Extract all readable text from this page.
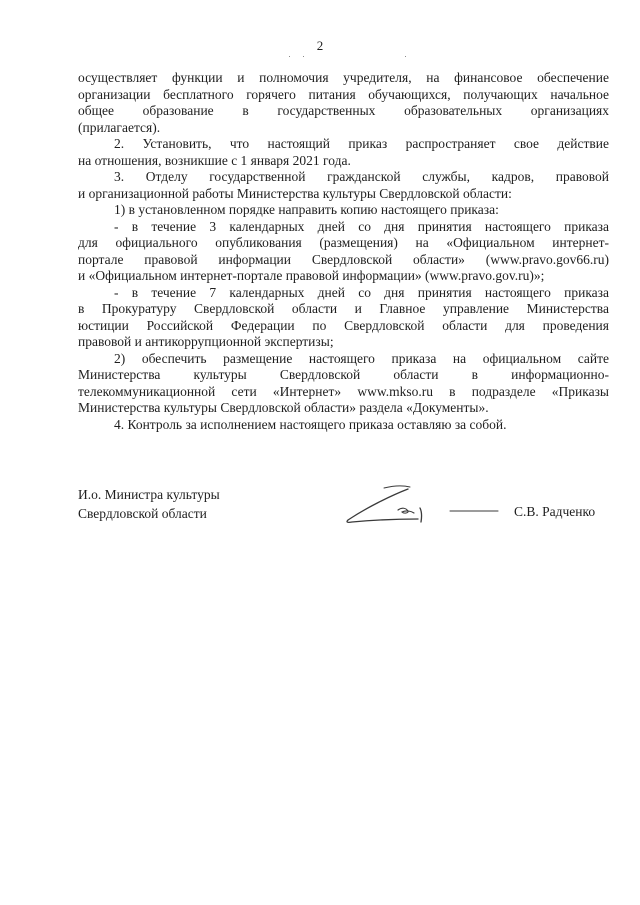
2

осуществляет функции и полномочия учредителя, на финансовое обеспечение

организации бесплатного горячего питания обучающихся, получающих начальное

общее образование в государственных образовательных организациях

(прилагается).

2. Установить, что настоящий приказ распространяет свое действие

на отношения, возникшие с 1 января 2021 года.

3. Отделу государственной гражданской службы, кадров, правовой

и организационной работы Министерства культуры Свердловской области:

1) в установленном порядке направить копию настоящего приказа:

- в течение 3 календарных дней со дня принятия настоящего приказа

для официального опубликования (размещения) на «Официальном интернет-

портале правовой информации Свердловской области» (www.pravo.gov66.ru)

и «Официальном интернет-портале правовой информации» (www.pravo.gov.ru)»;

- в течение 7 календарных дней со дня принятия настоящего приказа

в Прокуратуру Свердловской области и Главное управление Министерства

юстиции Российской Федерации по Свердловской области для проведения

правовой и антикоррупционной экспертизы;

2) обеспечить размещение настоящего приказа на официальном сайте

Министерства культуры Свердловской области в информационно-

телекоммуникационной сети «Интернет» www.mkso.ru в подразделе «Приказы

Министерства культуры Свердловской области» раздела «Документы».

4. Контроль за исполнением настоящего приказа оставляю за собой.

И.о. Министра культуры
Свердловской области	С.В. Радченко
